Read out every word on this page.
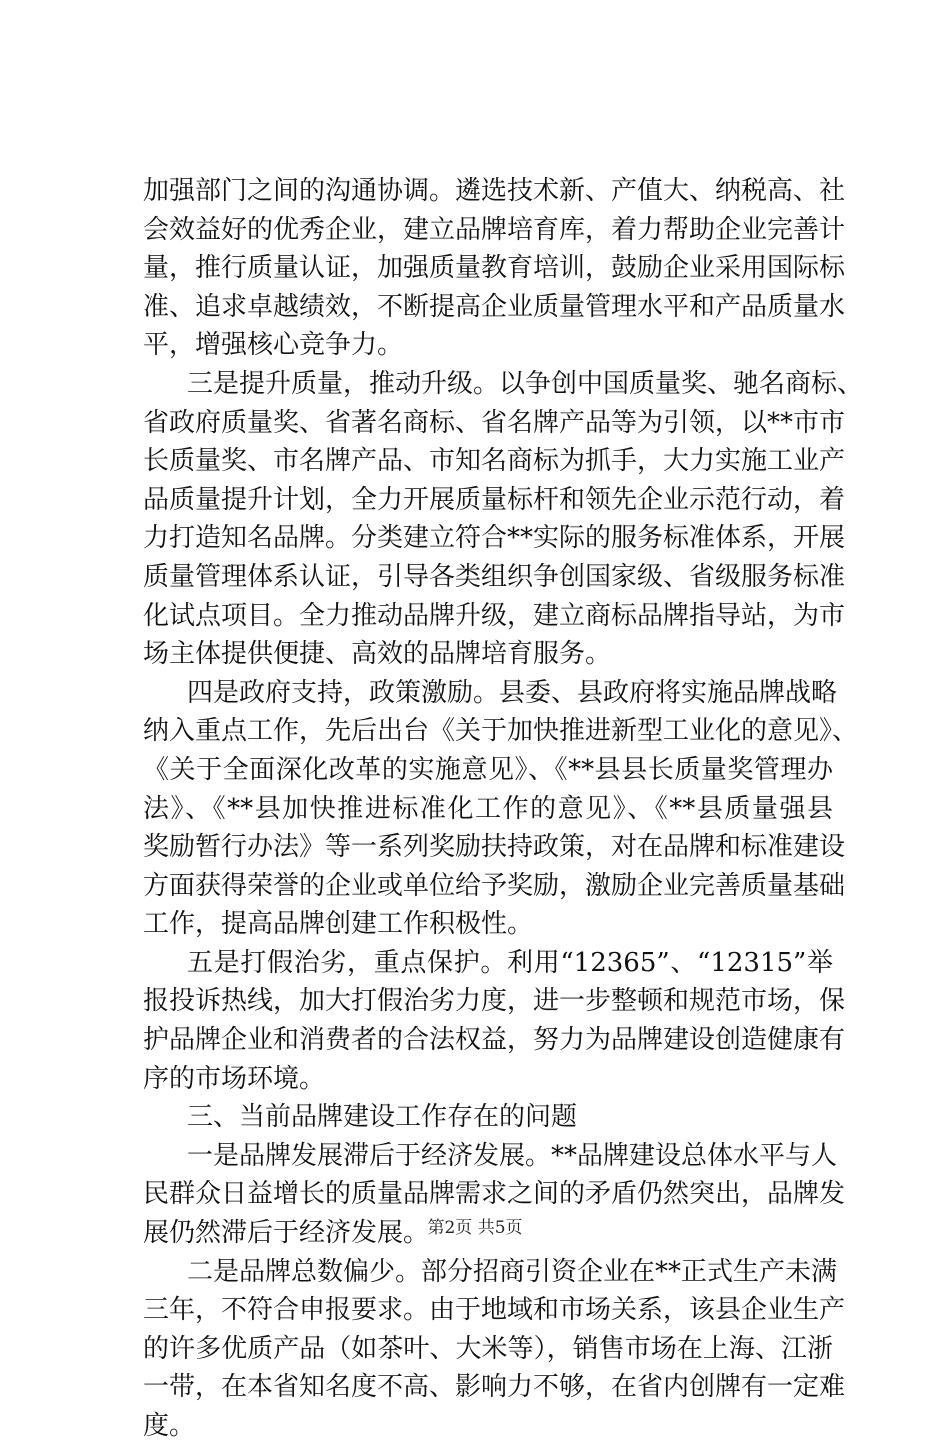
加强部门之间的沟通协调。遴选技术新、产值大、纳税高、社
会效益好的优秀企业，建立品牌培育库，着力帮助企业完善计
量，推行质量认证，加强质量教育培训，鼓励企业采用国际标
准、追求卓越绩效，不断提高企业质量管理水平和产品质量水
平，增强核心竞争力。
三是提升质量，推动升级。以争创中国质量奖、驰名商标、
省政府质量奖、省著名商标、省名牌产品等为引领，以**市市
长质量奖、市名牌产品、市知名商标为抓手，大力实施工业产
品质量提升计划，全力开展质量标杆和领先企业示范行动，着
力打造知名品牌。分类建立符合**实际的服务标准体系，开展
质量管理体系认证，引导各类组织争创国家级、省级服务标准
化试点项目。全力推动品牌升级，建立商标品牌指导站，为市
场主体提供便捷、高效的品牌培育服务。
四是政府支持，政策激励。县委、县政府将实施品牌战略
纳入重点工作，先后出台《关于加快推进新型工业化的意见》、
《关于全面深化改革的实施意见》、《**县县长质量奖管理办
法》、《**县加快推进标准化工作的意见》、《**县质量强县
奖励暂行办法》等一系列奖励扶持政策，对在品牌和标准建设
方面获得荣誉的企业或单位给予奖励，激励企业完善质量基础
工作，提高品牌创建工作积极性。
五是打假治劣，重点保护。利用“12365”、“12315”举
报投诉热线，加大打假治劣力度，进一步整顿和规范市场，保
护品牌企业和消费者的合法权益，努力为品牌建设创造健康有
序的市场环境。
三、当前品牌建设工作存在的问题
一是品牌发展滞后于经济发展。**品牌建设总体水平与人
民群众日益增长的质量品牌需求之间的矛盾仍然突出，品牌发
展仍然滞后于经济发展。
二是品牌总数偏少。部分招商引资企业在**正式生产未满
三年，不符合申报要求。由于地域和市场关系，该县企业生产
的许多优质产品（如茶叶、大米等），销售市场在上海、江浙
一带，在本省知名度不高、影响力不够，在省内创牌有一定难
度。
第2页 共5页
